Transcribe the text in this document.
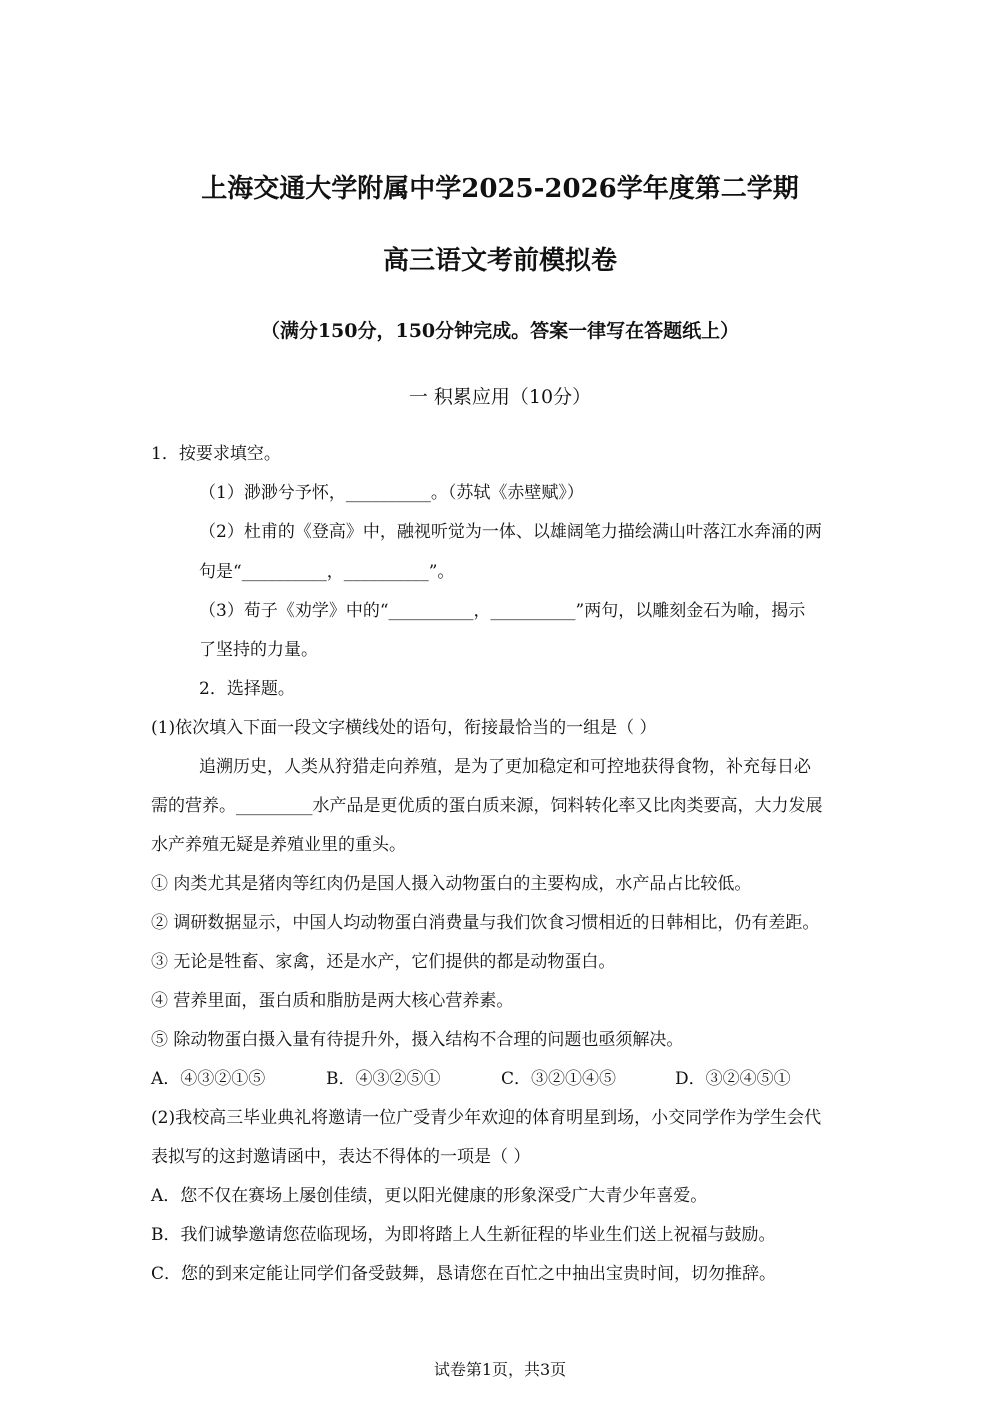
上海交通大学附属中学2025-2026学年度第二学期
高三语文考前模拟卷
（满分150分，150分钟完成。答案一律写在答题纸上）
一 积累应用（10分）
1．按要求填空。
（1）渺渺兮予怀，__________。（苏轼《赤壁赋》）
（2）杜甫的《登高》中，融视听觉为一体、以雄阔笔力描绘满山叶落江水奔涌的两
句是“__________，__________”。
（3）荀子《劝学》中的“__________，__________”两句，以雕刻金石为喻，揭示
了坚持的力量。
2．选择题。
(1)依次填入下面一段文字横线处的语句，衔接最恰当的一组是（ ）
追溯历史，人类从狩猎走向养殖，是为了更加稳定和可控地获得食物，补充每日必
需的营养。_________水产品是更优质的蛋白质来源，饲料转化率又比肉类要高，大力发展
水产养殖无疑是养殖业里的重头。
① 肉类尤其是猪肉等红肉仍是国人摄入动物蛋白的主要构成，水产品占比较低。
② 调研数据显示，中国人均动物蛋白消费量与我们饮食习惯相近的日韩相比，仍有差距。
③ 无论是牲畜、家禽，还是水产，它们提供的都是动物蛋白。
④ 营养里面，蛋白质和脂肪是两大核心营养素。
⑤ 除动物蛋白摄入量有待提升外，摄入结构不合理的问题也亟须解决。
A．④③②①⑤	B．④③②⑤①	C．③②①④⑤	D．③②④⑤①
(2)我校高三毕业典礼将邀请一位广受青少年欢迎的体育明星到场，小交同学作为学生会代
表拟写的这封邀请函中，表达不得体的一项是（ ）
A．您不仅在赛场上屡创佳绩，更以阳光健康的形象深受广大青少年喜爱。
B．我们诚挚邀请您莅临现场，为即将踏上人生新征程的毕业生们送上祝福与鼓励。
C．您的到来定能让同学们备受鼓舞，恳请您在百忙之中抽出宝贵时间，切勿推辞。
试卷第1页，共3页
